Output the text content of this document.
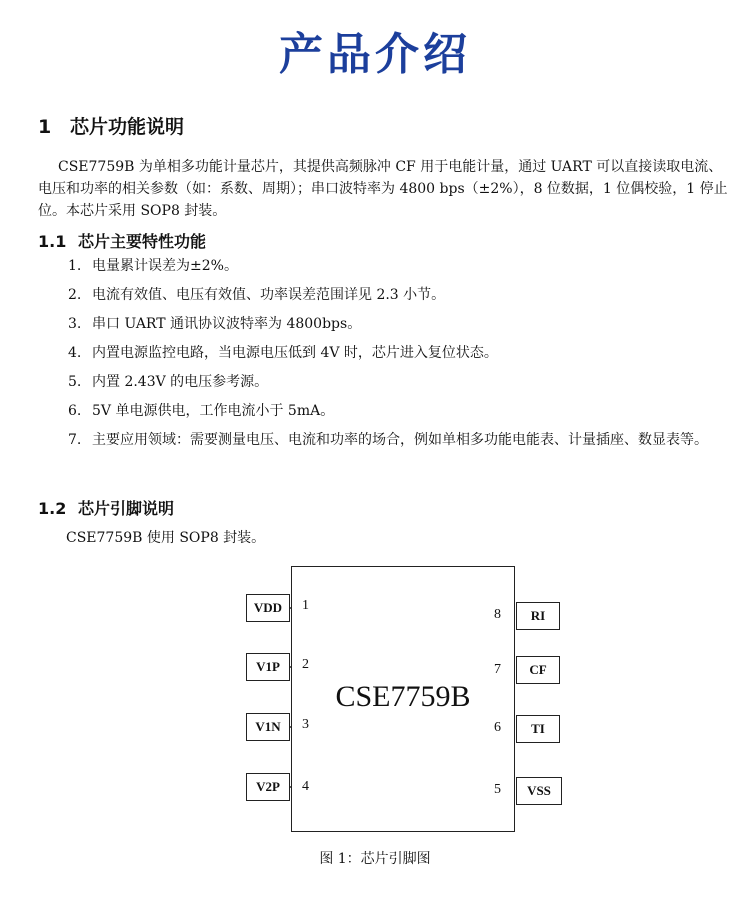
产品介绍
1 芯片功能说明
CSE7759B 为单相多功能计量芯片，其提供高频脉冲 CF 用于电能计量，通过 UART 可以直接读取电流、电压和功率的相关参数（如：系数、周期）；串口波特率为 4800 bps（±2%），8 位数据，1 位偶校验，1 停止位。本芯片采用 SOP8 封装。
1.1 芯片主要特性功能
1. 电量累计误差为±2%。
2. 电流有效值、电压有效值、功率误差范围详见 2.3 小节。
3. 串口 UART 通讯协议波特率为 4800bps。
4. 内置电源监控电路，当电源电压低到 4V 时，芯片进入复位状态。
5. 内置 2.43V 的电压参考源。
6. 5V 单电源供电，工作电流小于 5mA。
7. 主要应用领域：需要测量电压、电流和功率的场合，例如单相多功能电能表、计量插座、数显表等。
1.2 芯片引脚说明
CSE7759B 使用 SOP8 封装。
CSE7759B
VDD	1
V1P	2
V1N	3
V2P	4
8	RI
7	CF
6	TI
5	VSS
图 1：芯片引脚图
